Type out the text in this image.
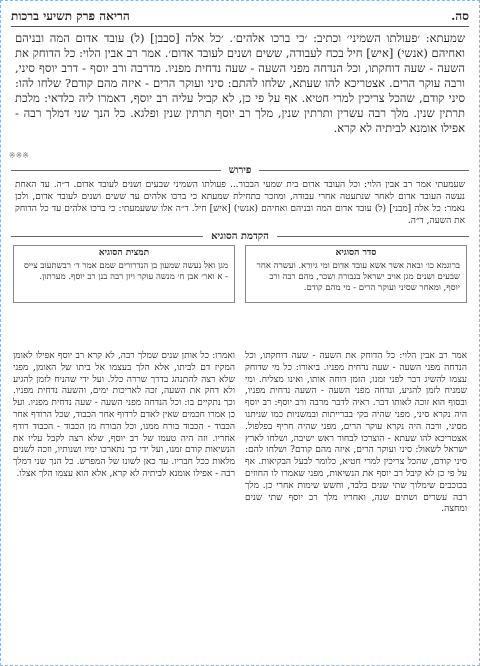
סה.
הריאה פרק תשיעי ברכות
שמעתא: ׳פעולתו השמיני׳ וכתיב: ׳כי ברכו אלהים׳. ׳כל אלה [סבבן] (ל) עובד אדום המה ובניהם ואחיהם (אנשי) [איש] חיל בכח לעבודה, ששים ושנים לעובד אדום׳. אמר רב אבין הלוי: כל הדוחק את השעה - שעה דוחקתו, וכל הנדחה מפני השעה - שעה נדחית מפניו. מדרבה ורב יוסף - דרב יוסף סיני, ורבה עוקר הרים. אצטריכא להו שעתא, שלחו להתם: סיני ועוקר הרים - איזה מהם קודם? שלחו להו: סיני קודם, שהכל צריכין למרי חטיא. אף על פי כן, לא קביל עליה רב יוסף, דאמרו ליה כלדאי: מלכת תרתין שנין. מלך רבה עשרין ותרתין שנין, מלך רב יוסף תרתין שנין ופלגא. כל הנך שני דמלך רבה - אפילו אומנא לביתיה לא קרא.
※※※
פירוש
שעמעתי אמר רב אבין הלוי: וכל העובד אדום בית שמעי הבכור... פעולתו השמיני שבעים ושנים לעובד אדום. ד״ה. עד האחת נעשה העובד אדום לאחר שנתעטה אחרי עבודה, ומוזכר בתחילת שמעתא כי ברכו אלהים עד ששים ושנים לעובד אדום, ולכן נאמר: כל אלה [מבני] (ל) עובד אדום המה ובניהם ואחיהם (אנשי) [איש] חיל. ד״ה אלו ששעמעתי: כי ברכו אלהים עד כל הדוחק את השעה, ד״ה.
הקדמת הסוגיא
סדר הסוגיא
ברוגמא כו׳ ובאה אשר אשא עובד אדום ומי גיורא. ועשרה אחר שבעים ושנים מגן אויב ישראל בגבורה ושכר, מהם רבה ורב יוסף, ומאחר שסיני ועוקר הרים - מי מהם קודם.
תמצית הסוגיא
מגן ואל נעשה שמעון בן הנדרורים שמם אמר ד׳ רבשתעוב צייס - א ואר׳ אבן ח׳ מנשה עוקר ויזן רבה בנן רב יוסף. מערתון.
אמר רב אבין הלוי: כל הדוחק את השעה - שעה דוחקתו, וכל הנדחה מפני השעה - שעה נדחית מפניו. ביאורו: כל מי שדוחק עצמו להשיג דבר לפני זמנו, הזמן דוחה אותו, ואינו מצליח. ומי שמניח לזמן להגיע, ונדחה מפני השעה - השעה נדחית מפניו, ובסוף הוא זוכה לאותו דבר. ראיה לדבר מרבה ורב יוסף: רב יוסף היה נקרא סיני, מפני שהיה בקי בברייתות ובמשניות כמו שניתנו מסיני, ורבה היה נקרא עוקר הרים, מפני שהיה חריף בפלפול. אצטריכא להו שעתא - הוצרכו לבחור ראש ישיבה, ושלחו לארץ ישראל לשאול: סיני ועוקר הרים, איזה מהם קודם? ושלחו להם: סיני קודם, שהכל צריכין למרי חטיא, כלומר לבעל הבקיאות. אף על פי כן לא קיבל רב יוסף את הנשיאות, מפני שאמרו לו החוזים בכוכבים שימלוך שתי שנים בלבד, וחשש שימות אחרי כן. מלך רבה עשרים ושתים שנה, ואחריו מלך רב יוסף שתי שנים ומחצה.
ואמרו: כל אותן שנים שמלך רבה, לא קרא רב יוסף אפילו לאומן המקיז דם לביתו, אלא הלך בעצמו אל ביתו של האומן, מפני שלא רצה להתנהג בדרך שררה כלל. ועל ידי שהניח לזמן להגיע ולא דחק את השעה, זכה לאריכות ימים, והשעה נדחית מפניו. וכך נתקיים בו: וכל הנדחה מפני השעה - שעה נדחית מפניו. ועל כן אמרו חכמים שאין לאדם לרדוף אחר הכבוד, שכל הרודף אחר הכבוד - הכבוד בורח ממנו, וכל הבורח מן הכבוד - הכבוד רודף אחריו. וזה היה טעמו של רב יוסף, שלא רצה לקבל עליו את הנשיאות קודם זמנו, ועל ידי כך נתארכו ימיו ושנותיו, וזכה לשנים מלאות ככל חבריו. עד כאן לשונו של המפרש. כל הנך שני דמלך רבה - אפילו אומנא לביתיה לא קרא, אלא הוא עצמו הלך אצלו.
